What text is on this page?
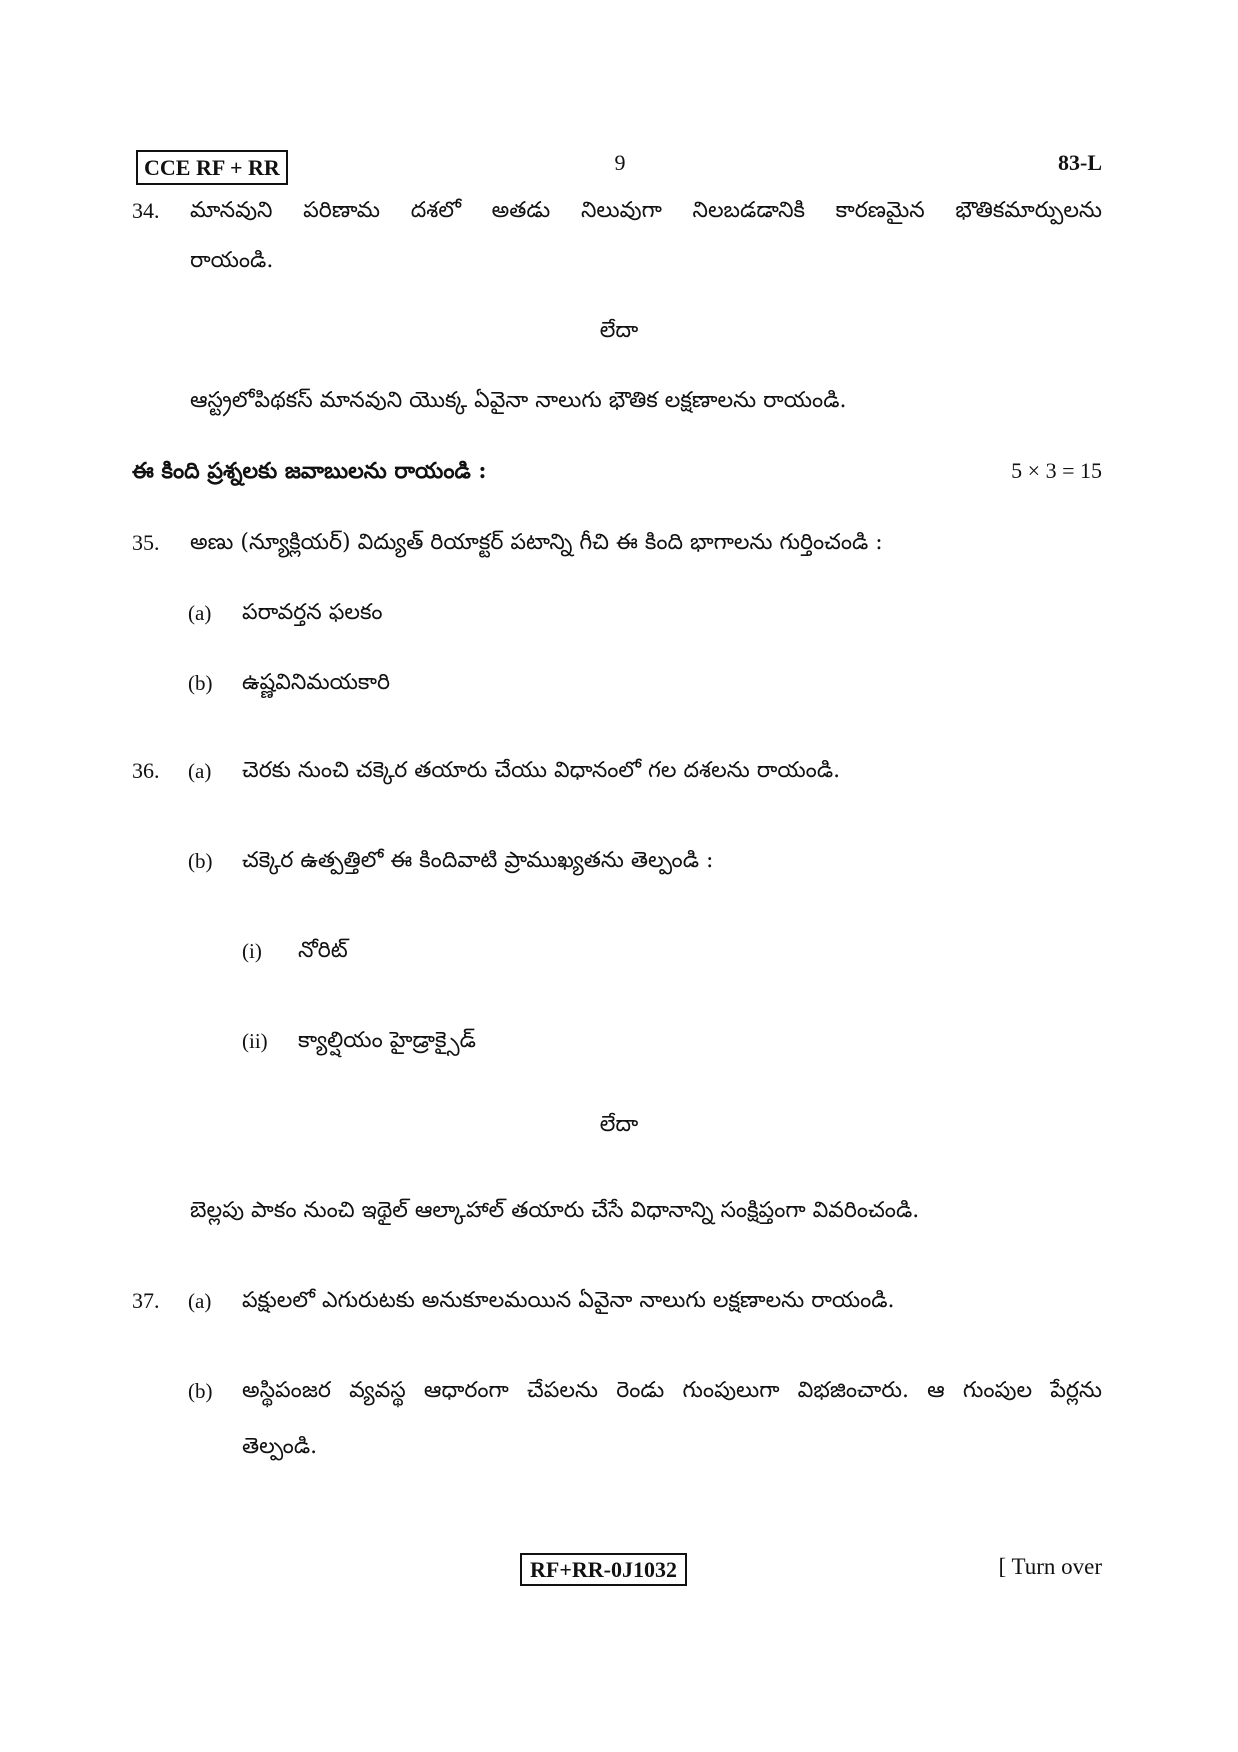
CCE RF + RR	9	83-L
34. మానవుని పరిణామ దశలో అతడు నిలువుగా నిలబడడానికి కారణమైన భౌతికమార్పులను
రాయండి.
లేదా
ఆస్ట్రలోపిథకస్ మానవుని యొక్క ఏవైనా నాలుగు భౌతిక లక్షణాలను రాయండి.
ఈ కింది ప్రశ్నలకు జవాబులను రాయండి :	5 × 3 = 15
35. అణు (న్యూక్లియర్) విద్యుత్ రియాక్టర్ పటాన్ని గీచి ఈ కింది భాగాలను గుర్తించండి :
(a) పరావర్తన ఫలకం
(b) ఉష్ణవినిమయకారి
36. (a) చెరకు నుంచి చక్కెర తయారు చేయు విధానంలో గల దశలను రాయండి.
(b) చక్కెర ఉత్పత్తిలో ఈ కిందివాటి ప్రాముఖ్యతను తెల్పండి :
(i) నోరిట్
(ii) క్యాల్షియం హైడ్రాక్సైడ్
లేదా
బెల్లపు పాకం నుంచి ఇథైల్ ఆల్కాహాల్ తయారు చేసే విధానాన్ని సంక్షిప్తంగా వివరించండి.
37. (a) పక్షులలో ఎగురుటకు అనుకూలమయిన ఏవైనా నాలుగు లక్షణాలను రాయండి.
(b) అస్థిపంజర వ్యవస్థ ఆధారంగా చేపలను రెండు గుంపులుగా విభజించారు. ఆ గుంపుల పేర్లను
తెల్పండి.
RF+RR-0J1032	[ Turn over
